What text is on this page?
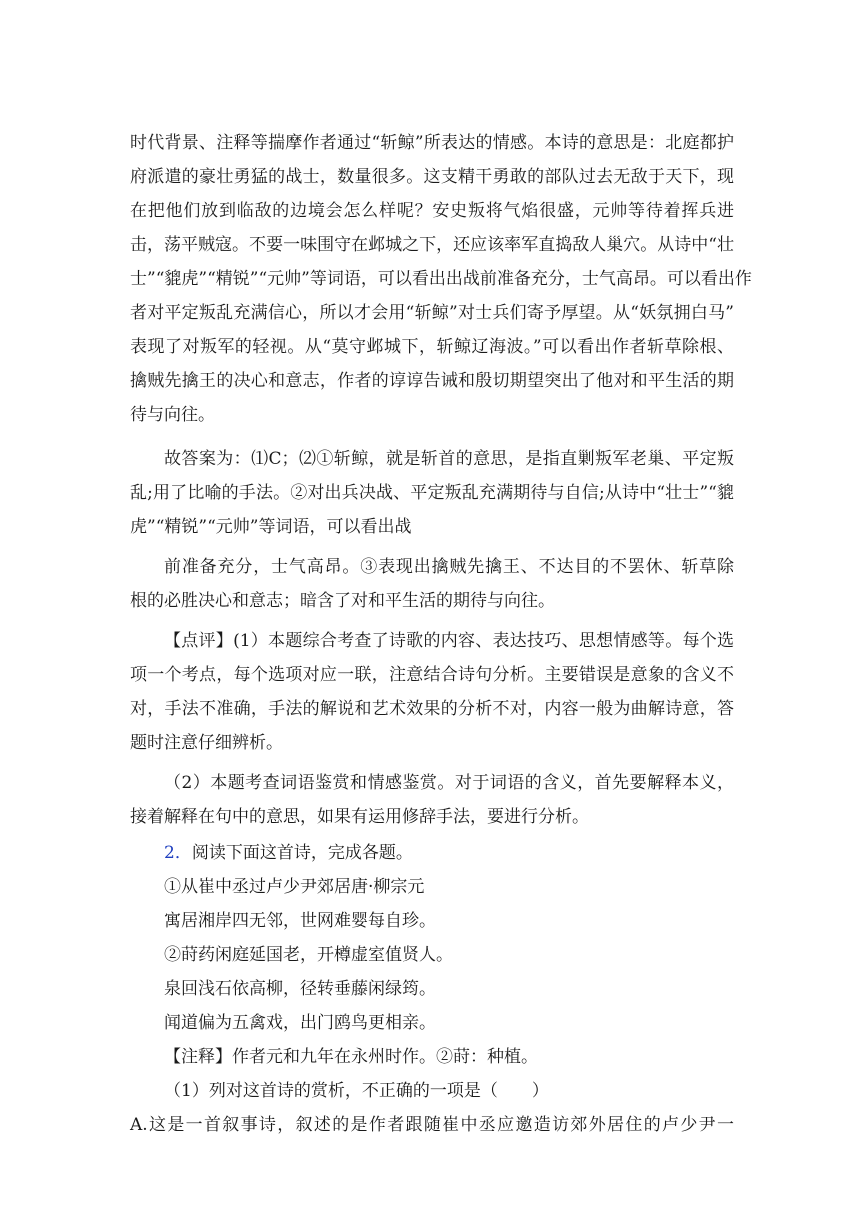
时代背景、注释等揣摩作者通过“斩鲸”所表达的情感。本诗的意思是：北庭都护
府派遣的豪壮勇猛的战士，数量很多。这支精干勇敢的部队过去无敌于天下，现
在把他们放到临敌的边境会怎么样呢？安史叛将气焰很盛，元帅等待着挥兵进
击，荡平贼寇。不要一味围守在邺城之下，还应该率军直捣敌人巢穴。从诗中“壮
士”“貔虎”“精锐”“元帅”等词语，可以看出出战前准备充分，士气高昂。可以看出作
者对平定叛乱充满信心，所以才会用“斩鲸”对士兵们寄予厚望。从“妖氛拥白马”
表现了对叛军的轻视。从“莫守邺城下，斩鲸辽海波。”可以看出作者斩草除根、
擒贼先擒王的决心和意志，作者的谆谆告诫和殷切期望突出了他对和平生活的期
待与向往。
故答案为：⑴C；⑵①斩鲸，就是斩首的意思，是指直剿叛军老巢、平定叛
乱;用了比喻的手法。②对出兵决战、平定叛乱充满期待与自信;从诗中“壮士”“貔
虎”“精锐”“元帅”等词语，可以看出战
前准备充分，士气高昂。③表现出擒贼先擒王、不达目的不罢休、斩草除
根的必胜决心和意志；暗含了对和平生活的期待与向往。
【点评】(1）本题综合考查了诗歌的内容、表达技巧、思想情感等。每个选
项一个考点，每个选项对应一联，注意结合诗句分析。主要错误是意象的含义不
对，手法不准确，手法的解说和艺术效果的分析不对，内容一般为曲解诗意，答
题时注意仔细辨析。
（2）本题考查词语鉴赏和情感鉴赏。对于词语的含义，首先要解释本义，
接着解释在句中的意思，如果有运用修辞手法，要进行分析。
2．阅读下面这首诗，完成各题。
①从崔中丞过卢少尹郊居唐·柳宗元
寓居湘岸四无邻，世网难婴每自珍。
②莳药闲庭延国老，开樽虚室值贤人。
泉回浅石依高柳，径转垂藤闲绿筠。
闻道偏为五禽戏，出门鸥鸟更相亲。
【注释】作者元和九年在永州时作。②莳：种植。
（1）列对这首诗的赏析，不正确的一项是（　　）
A.这是一首叙事诗，叙述的是作者跟随崔中丞应邀造访郊外居住的卢少尹一
